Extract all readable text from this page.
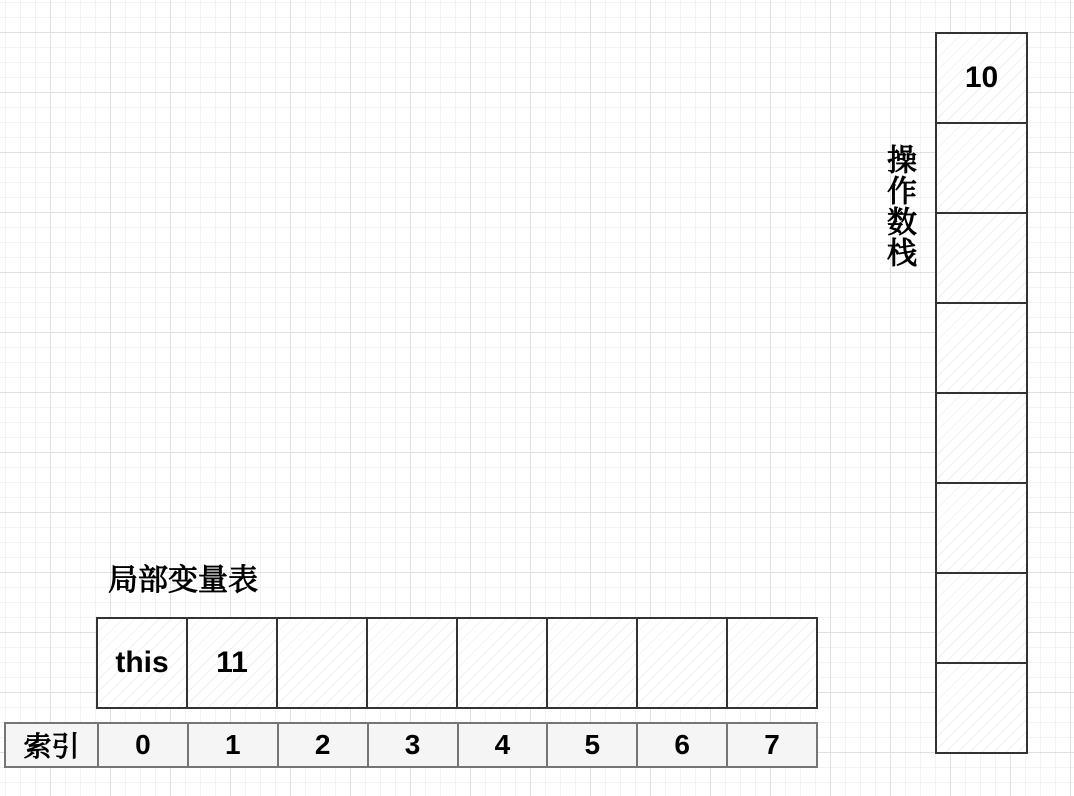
操作数栈
10
局部变量表
this 11
索引 0	1	2	3	4	5	6	7
